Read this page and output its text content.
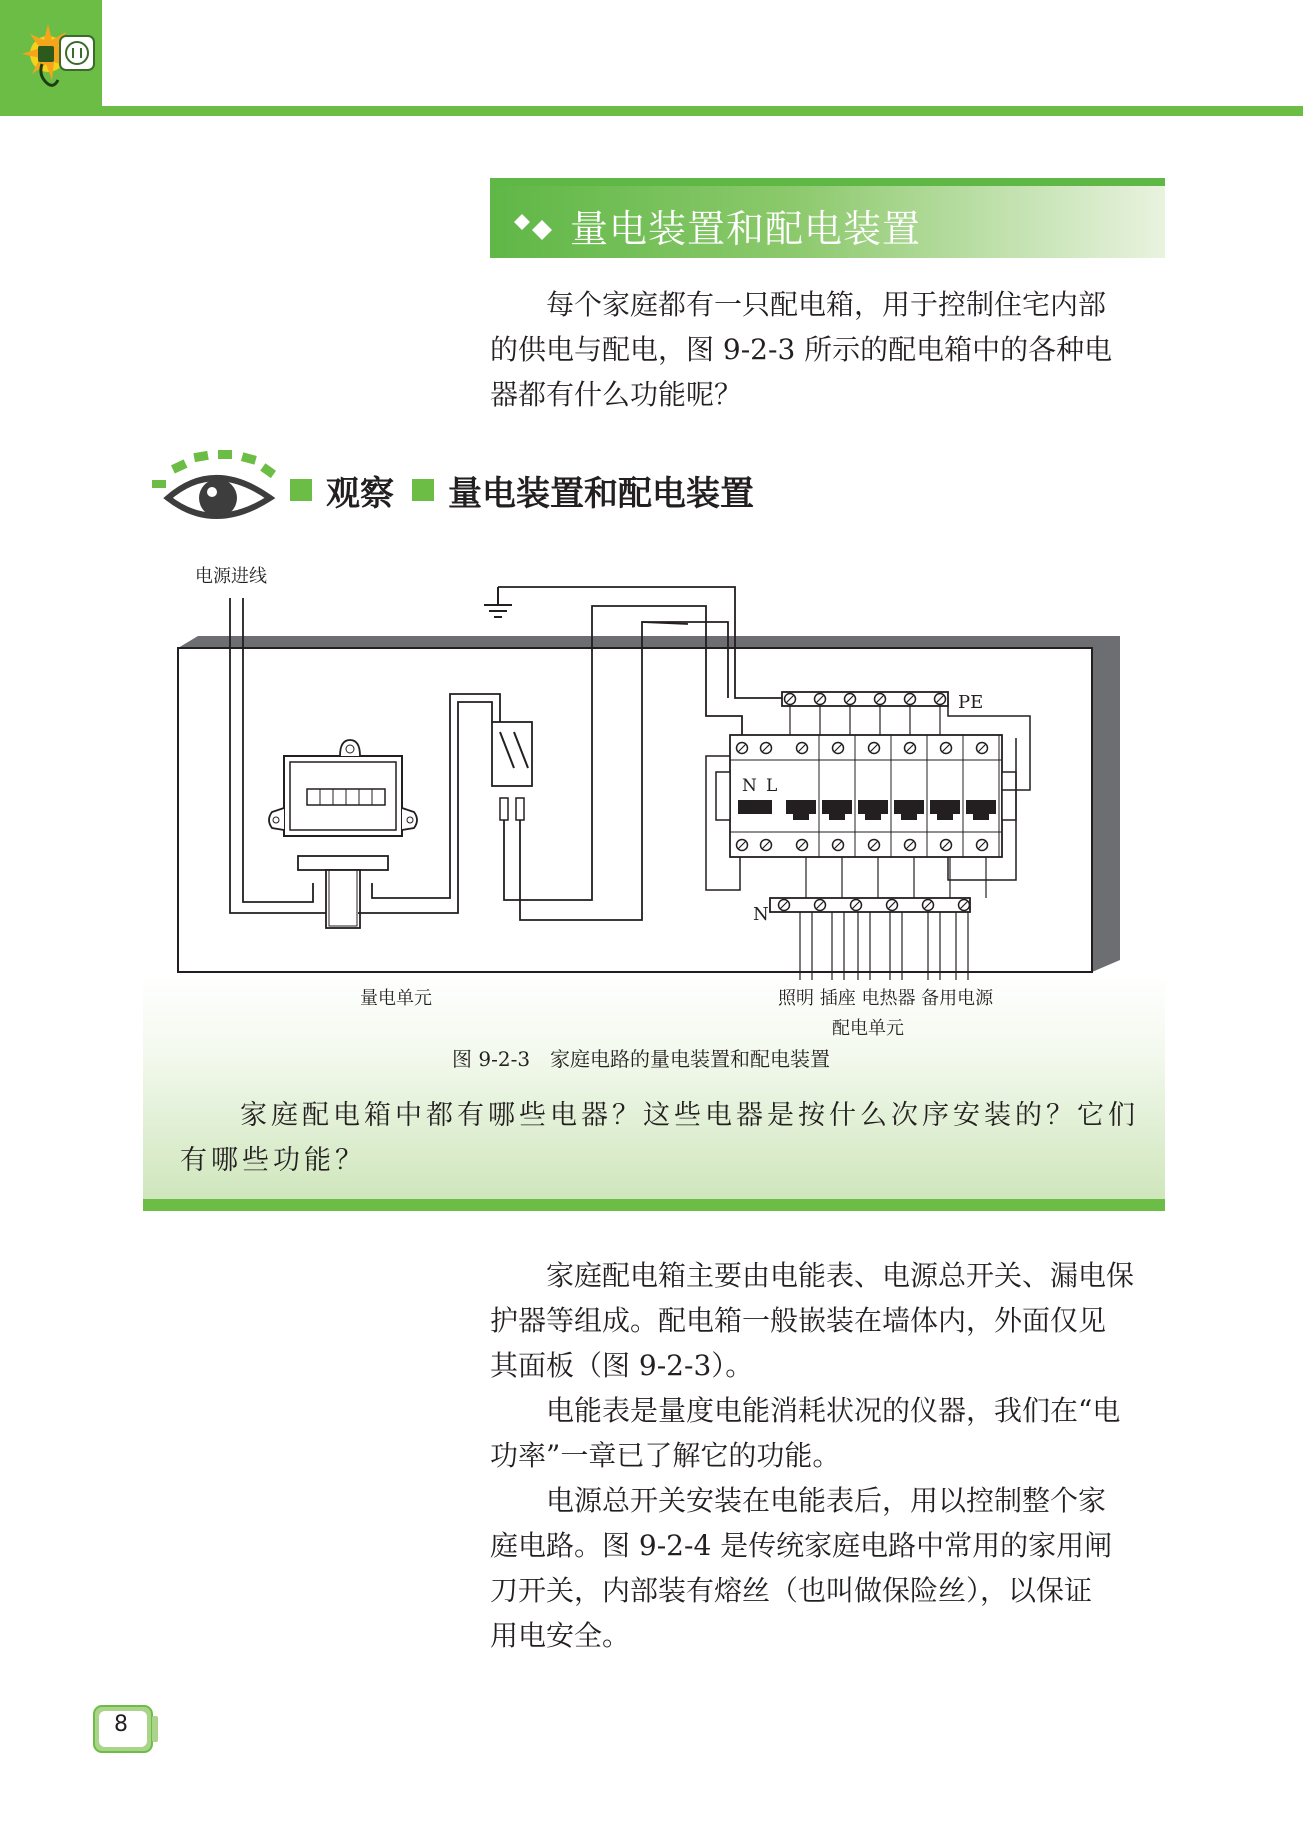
量电装置和配电装置
每个家庭都有一只配电箱，用于控制住宅内部
的供电与配电，图 9-2-3 所示的配电箱中的各种电
器都有什么功能呢？
观察 量电装置和配电装置
电源进线
PE
N L
N
量电单元	照明 插座 电热器 备用电源
配电单元
图 9-2-3　家庭电路的量电装置和配电装置
家庭配电箱中都有哪些电器？这些电器是按什么次序安装的？它们
有哪些功能？
家庭配电箱主要由电能表、电源总开关、漏电保
护器等组成。配电箱一般嵌装在墙体内，外面仅见
其面板（图 9-2-3）。
电能表是量度电能消耗状况的仪器，我们在“电
功率”一章已了解它的功能。
电源总开关安装在电能表后，用以控制整个家
庭电路。图 9-2-4 是传统家庭电路中常用的家用闸
刀开关，内部装有熔丝（也叫做保险丝），以保证
用电安全。
8
